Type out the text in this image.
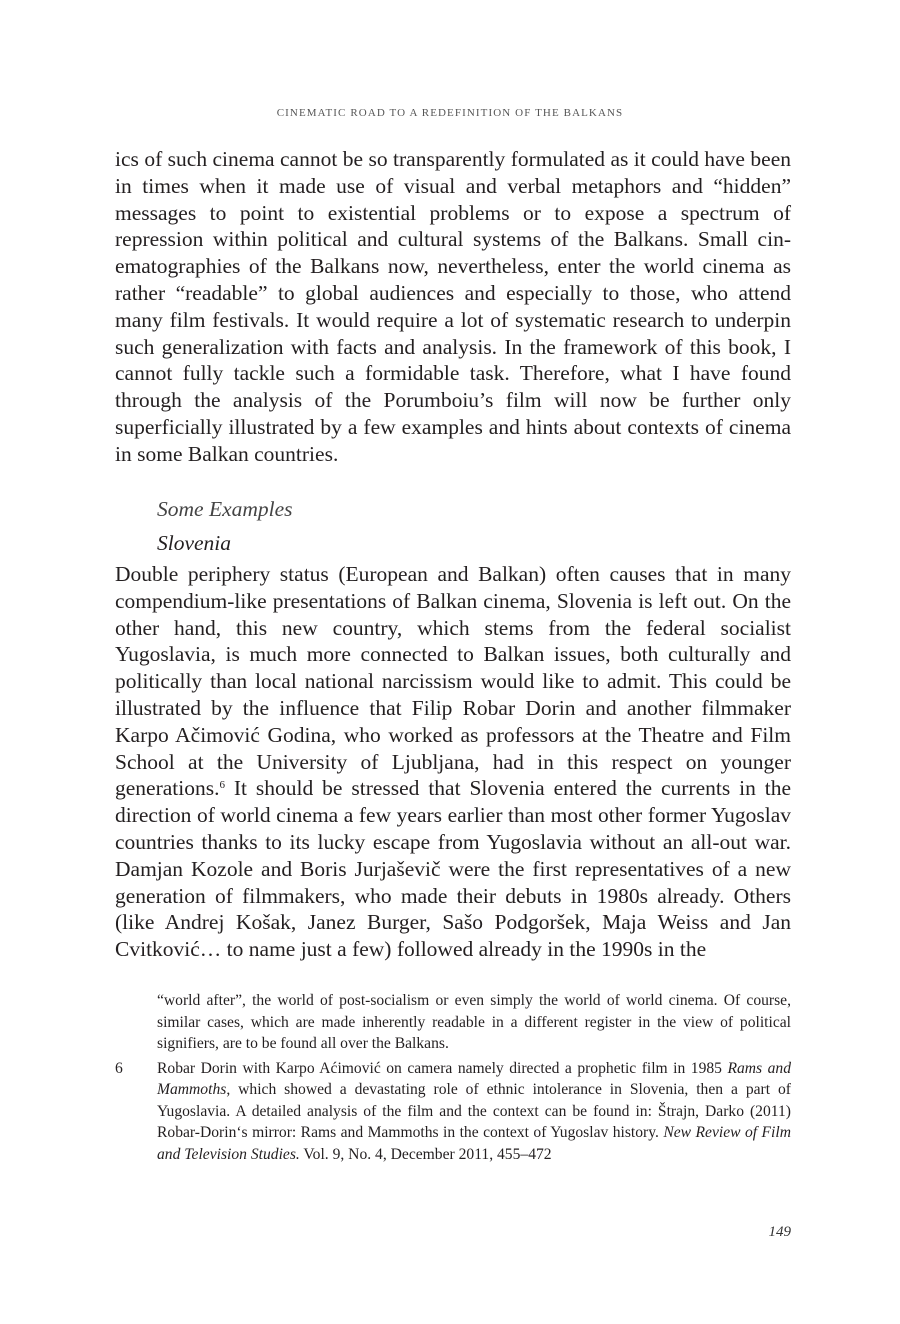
CINEMATIC ROAD TO A REDEFINITION OF THE BALKANS

ics of such cinema cannot be so transparently formulated as it could have been in times when it made use of visual and verbal metaphors and “hidden” messages to point to existential problems or to expose a spectrum of repression within political and cultural systems of the Balkans. Small cinematographies of the Balkans now, nevertheless, enter the world cinema as rather “readable” to global audiences and especially to those, who attend many film festivals. It would require a lot of systematic research to underpin such generalization with facts and analysis. In the framework of this book, I cannot fully tackle such a formidable task. Therefore, what I have found through the analysis of the Porumboiu’s film will now be further only superficially illustrated by a few examples and hints about contexts of cinema in some Balkan countries.

Some Examples

Slovenia

Double periphery status (European and Balkan) often causes that in many compendium-like presentations of Balkan cinema, Slovenia is left out. On the other hand, this new country, which stems from the federal socialist Yugoslavia, is much more connected to Balkan issues, both culturally and politically than local national narcissism would like to admit. This could be illustrated by the influence that Filip Robar Dorin and another filmmaker Karpo Ačimović Godina, who worked as professors at the Theatre and Film School at the University of Ljubljana, had in this respect on younger generations.$^6$ It should be stressed that Slovenia entered the currents in the direction of world cinema a few years earlier than most other former Yugoslav countries thanks to its lucky escape from Yugoslavia without an all-out war. Damjan Kozole and Boris Jurjaševič were the first representatives of a new generation of filmmakers, who made their debuts in 1980s already. Others (like Andrej Košak, Janez Burger, Sašo Podgoršek, Maja Weiss and Jan Cvitković… to name just a few) followed already in the 1990s in the

“world after”, the world of post-socialism or even simply the world of world cinema. Of course, similar cases, which are made inherently readable in a different register in the view of political signifiers, are to be found all over the Balkans.

6	Robar Dorin with Karpo Aćimović on camera namely directed a prophetic film in 1985 Rams and Mammoths, which showed a devastating role of ethnic intolerance in Slovenia, then a part of Yugoslavia. A detailed analysis of the film and the context can be found in: Štrajn, Darko (2011) Robar-Dorin‘s mirror: Rams and Mammoths in the context of Yugoslav history. New Review of Film and Television Studies. Vol. 9, No. 4, December 2011, 455–472
149
